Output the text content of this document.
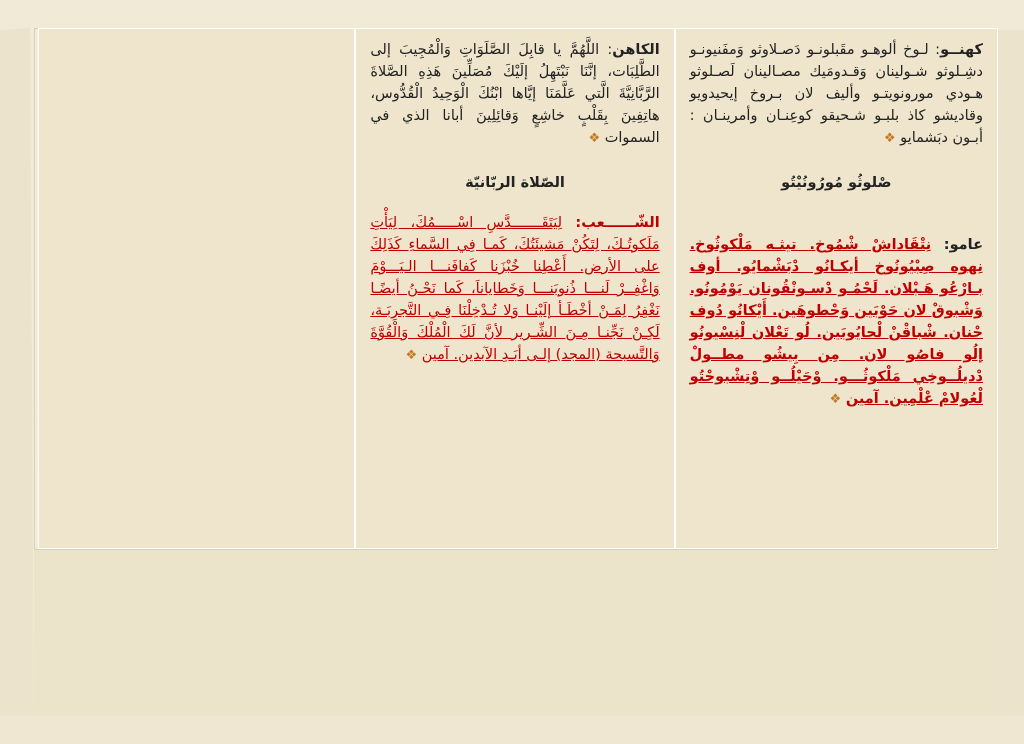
الكاهن: اللَّهُمَّ يا قابِلَ الصَّلَوَاتِ وَالْمُجِيبَ إلى الطَّلِبَات، إنَّنَا نَبْتَهِلُ إلَيْكَ مُصَلِّينَ هَذِهِ الصَّلاةَ الرَّبَّانِيَّةَ الَّتي عَلَّمَنَا إيَّاها ابْنُكَ الْوَحِيدُ الْقُدُّوس، هاتِفِينَ بِقَلْبٍ خاشِعٍ وَقائِلِينَ أبانا الذي في السموات ❖

الصّلاة الربّانيّة

الشّــــــعب: لِيَتَقَـــــــدَّسِ اسْـــــمُكَ، لِيَأْتِ مَلَكوتُـكَ، لِتَكُنْ مَشيئَتُكَ، كَمـا فِي السَّماءِ كَذَلِكَ على الأرض. أَعْطِنا خُبْزَنا كَفافَنـــا الـيَـــوْمَ وَاغْفِــرْ لَنـــا ذُنوبَنـــا وَخَطاياناَ، كَما نَحْـنُ أيضًـا نَغْفِرُ لِمَـنْ أخْطَـأ إلَيْنـا وَلا تُـدْخِلْنَا فِـي التَّجرِبَـة، لَكِـنْ نَجِّنـا مِـنَ الشِّـرير لأنَّ لَكَ الْمُلْكَ وَالْقُوَّةَ وَالتَّسبحة (المجد) إلـى أبَـدِ الآبدين. آمين ❖

كهنــو: لـوخ ألوهـو مقَبلونـو دَصـلاوثو وَمفَنيونـو دشِـلوثو شـولينان وَقـدومَيك مصـالينان لَصـلوثو هـودي مورونويتـو وأليف لان بـروخ إيحيدويو وقاديشو كاذ بلبـو شـحيقو كوعِنـان وأمرينـان : أبـون دبَشمايو ❖

صْلوثُو مُورُونُيْتُو

عامو: نِتْقَاداشْ شْمُوخ. تيثـه مَلْكوثُوخ. نِهوه صِبْيُونُوخ أيكـانُو دْبَشْمايُو. أوف بـارْعُو هَـبْلان. لَحْمُـو دْسـونْقُونان يَوْمُونُو. وَشْبوقْ لان حَوْبَين وَحْطوهَين. أَيْكانُو دُوف حْنان. شْباقْنْ لْحايُوبَين. لُو تَعْلان لْنِسْيونُو إلُو فاصُو لان. مِن بِيشُو مطــولْ دْديلُــوخِي مَلْكوثُـــو. وْحَيْلُــو وْتِشْبوحْتُو لْعُولامْ عْلْمِين. آمين ❖
